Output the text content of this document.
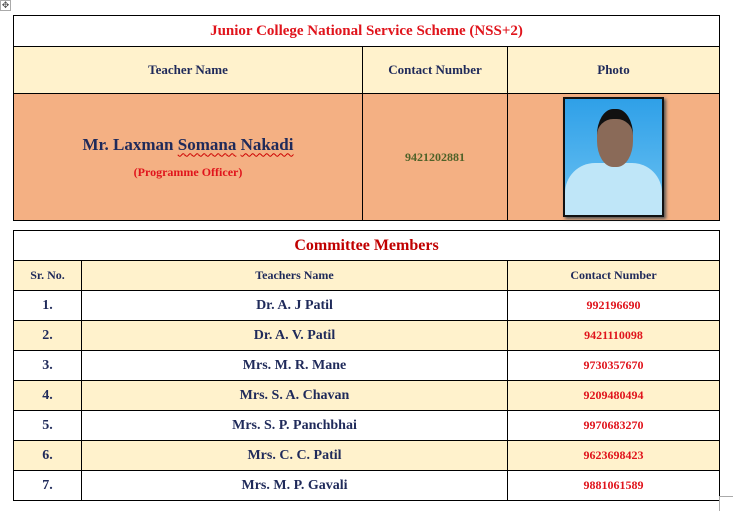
✥
Junior College National Service Scheme (NSS+2)		
Teacher Name	Contact Number	Photo

Mr. Laxman Somana Nakadi
(Programme Officer)	9421202881	
Committee Members		
Sr. No.	Teachers Name	Contact Number
1.	Dr. A. J Patil	992196690
2.	Dr. A. V. Patil	9421110098
3.	Mrs. M. R. Mane	9730357670
4.	Mrs. S. A. Chavan	9209480494
5.	Mrs. S. P. Panchbhai	9970683270
6.	Mrs. C. C. Patil	9623698423
7.	Mrs. M. P. Gavali	9881061589
